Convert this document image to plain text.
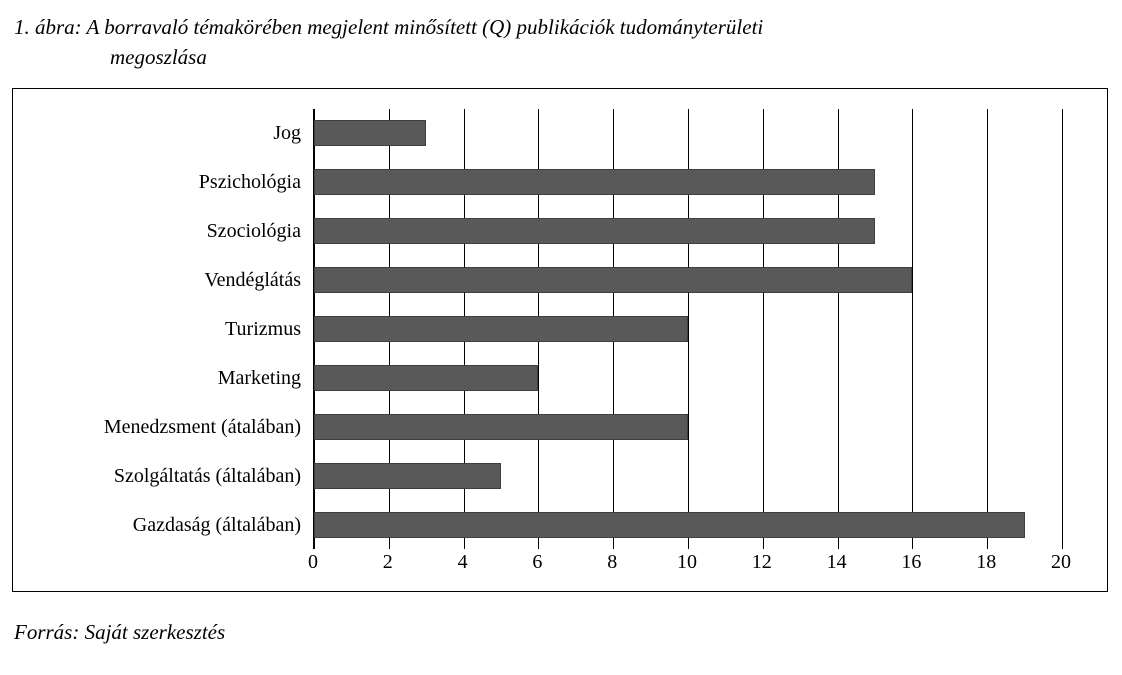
1. ábra: A borravaló témakörében megjelent minősített (Q) publikációk tudományterületi
megoszlása
Jog
Pszichológia
Szociológia
Vendéglátás
Turizmus
Marketing
Menedzsment (átalában)
Szolgáltatás (általában)
Gazdaság (általában)
0	2	4	6	8	10	12	14	16	18	20
Forrás: Saját szerkesztés
